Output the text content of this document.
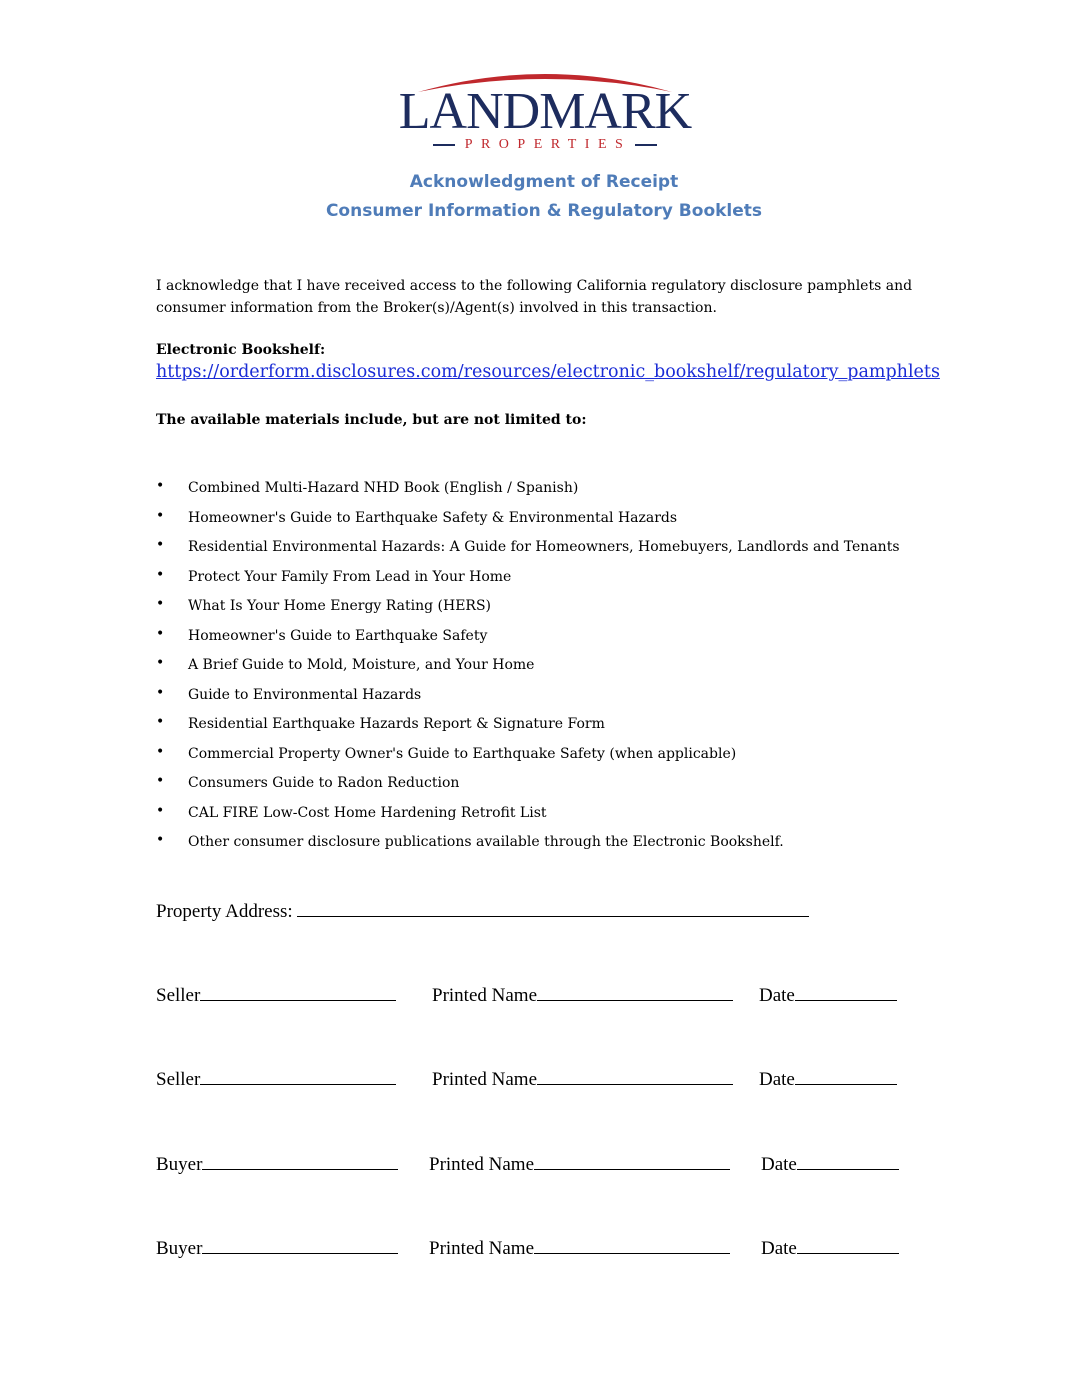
LANDMARK
PROPERTIES
Acknowledgment of Receipt
Consumer Information & Regulatory Booklets
I acknowledge that I have received access to the following California regulatory disclosure pamphlets and consumer information from the Broker(s)/Agent(s) involved in this transaction.
Electronic Bookshelf:
https://orderform.disclosures.com/resources/electronic_bookshelf/regulatory_pamphlets
The available materials include, but are not limited to:
• Combined Multi-Hazard NHD Book (English / Spanish)
• Homeowner's Guide to Earthquake Safety & Environmental Hazards
• Residential Environmental Hazards: A Guide for Homeowners, Homebuyers, Landlords and Tenants
• Protect Your Family From Lead in Your Home
• What Is Your Home Energy Rating (HERS)
• Homeowner's Guide to Earthquake Safety
• A Brief Guide to Mold, Moisture, and Your Home
• Guide to Environmental Hazards
• Residential Earthquake Hazards Report & Signature Form
• Commercial Property Owner's Guide to Earthquake Safety (when applicable)
• Consumers Guide to Radon Reduction
• CAL FIRE Low-Cost Home Hardening Retrofit List
• Other consumer disclosure publications available through the Electronic Bookshelf.
Property Address:
Seller	Printed Name	Date
Seller	Printed Name	Date
Buyer	Printed Name	Date
Buyer	Printed Name	Date
